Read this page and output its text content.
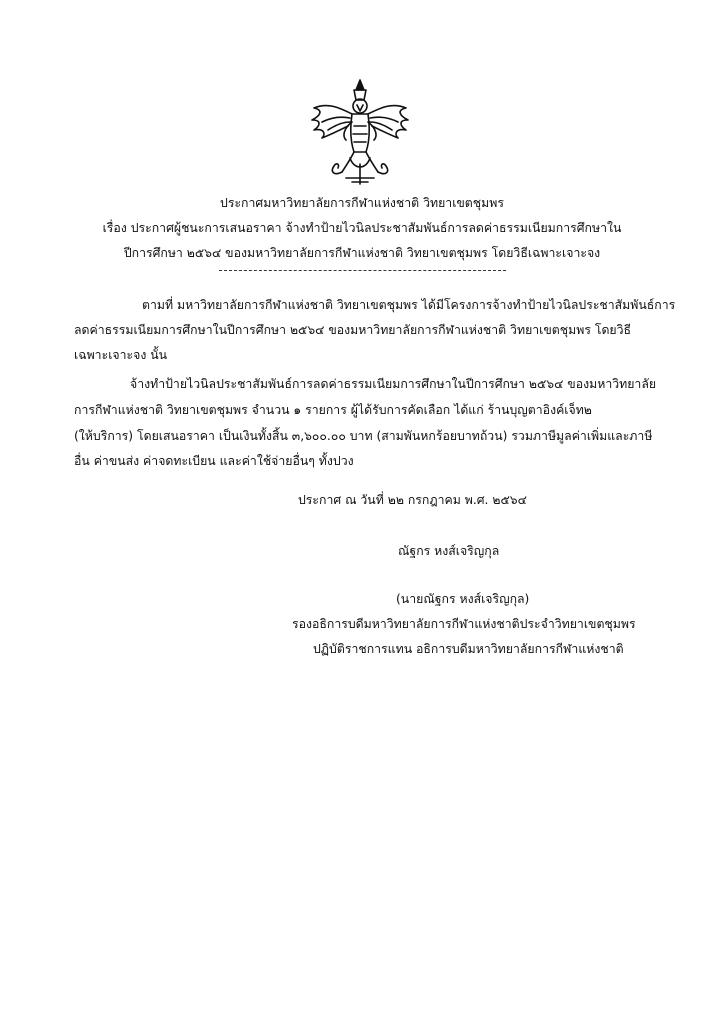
ประกาศมหาวิทยาลัยการกีฬาแห่งชาติ วิทยาเขตชุมพร
เรื่อง ประกาศผู้ชนะการเสนอราคา จ้างทำป้ายไวนิลประชาสัมพันธ์การลดค่าธรรมเนียมการศึกษาใน
ปีการศึกษา ๒๕๖๔ ของมหาวิทยาลัยการกีฬาแห่งชาติ วิทยาเขตชุมพร โดยวิธีเฉพาะเจาะจง
ตามที่ มหาวิทยาลัยการกีฬาแห่งชาติ วิทยาเขตชุมพร ได้มีโครงการจ้างทำป้ายไวนิลประชาสัมพันธ์การ
ลดค่าธรรมเนียมการศึกษาในปีการศึกษา ๒๕๖๔ ของมหาวิทยาลัยการกีฬาแห่งชาติ วิทยาเขตชุมพร โดยวิธี
เฉพาะเจาะจง นั้น
จ้างทำป้ายไวนิลประชาสัมพันธ์การลดค่าธรรมเนียมการศึกษาในปีการศึกษา ๒๕๖๔ ของมหาวิทยาลัย
การกีฬาแห่งชาติ วิทยาเขตชุมพร จำนวน ๑ รายการ ผู้ได้รับการคัดเลือก ได้แก่ ร้านบุญตาอิงค์เจ็ท๒
(ให้บริการ) โดยเสนอราคา เป็นเงินทั้งสิ้น ๓,๖๐๐.๐๐ บาท (สามพันหกร้อยบาทถ้วน) รวมภาษีมูลค่าเพิ่มและภาษี
อื่น ค่าขนส่ง ค่าจดทะเบียน และค่าใช้จ่ายอื่นๆ ทั้งปวง
ประกาศ ณ วันที่ ๒๒ กรกฎาคม พ.ศ. ๒๕๖๔
ณัฐกร หงส์เจริญกุล
(นายณัฐกร หงส์เจริญกุล)
รองอธิการบดีมหาวิทยาลัยการกีฬาแห่งชาติประจำวิทยาเขตชุมพร
ปฏิบัติราชการแทน อธิการบดีมหาวิทยาลัยการกีฬาแห่งชาติ
